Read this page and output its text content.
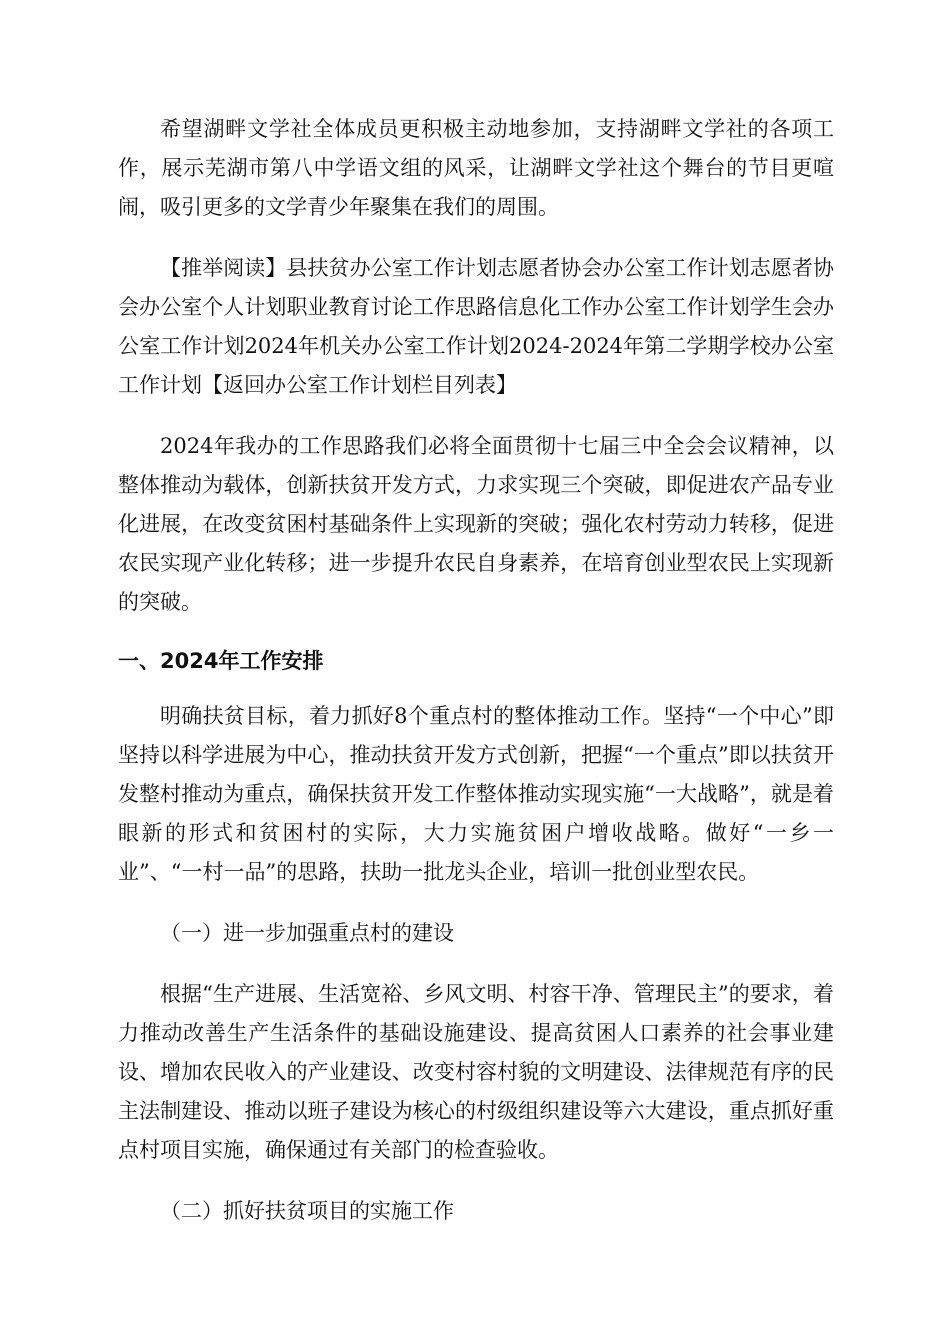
希望湖畔文学社全体成员更积极主动地参加，支持湖畔文学社的各项工作，展示芜湖市第八中学语文组的风采，让湖畔文学社这个舞台的节目更喧闹，吸引更多的文学青少年聚集在我们的周围。

【推举阅读】县扶贫办公室工作计划志愿者协会办公室工作计划志愿者协会办公室个人计划职业教育讨论工作思路信息化工作办公室工作计划学生会办公室工作计划2024年机关办公室工作计划2024-2024年第二学期学校办公室工作计划【返回办公室工作计划栏目列表】

2024年我办的工作思路我们必将全面贯彻十七届三中全会会议精神，以整体推动为载体，创新扶贫开发方式，力求实现三个突破，即促进农产品专业化进展，在改变贫困村基础条件上实现新的突破；强化农村劳动力转移，促进农民实现产业化转移；进一步提升农民自身素养，在培育创业型农民上实现新的突破。

一、2024年工作安排

明确扶贫目标，着力抓好8个重点村的整体推动工作。坚持“一个中心”即坚持以科学进展为中心，推动扶贫开发方式创新，把握“一个重点”即以扶贫开发整村推动为重点，确保扶贫开发工作整体推动实现实施“一大战略”，就是着眼新的形式和贫困村的实际，大力实施贫困户增收战略。做好“一乡一业”、“一村一品”的思路，扶助一批龙头企业，培训一批创业型农民。

（一）进一步加强重点村的建设

根据“生产进展、生活宽裕、乡风文明、村容干净、管理民主”的要求，着力推动改善生产生活条件的基础设施建设、提高贫困人口素养的社会事业建设、增加农民收入的产业建设、改变村容村貌的文明建设、法律规范有序的民主法制建设、推动以班子建设为核心的村级组织建设等六大建设，重点抓好重点村项目实施，确保通过有关部门的检查验收。

（二）抓好扶贫项目的实施工作
